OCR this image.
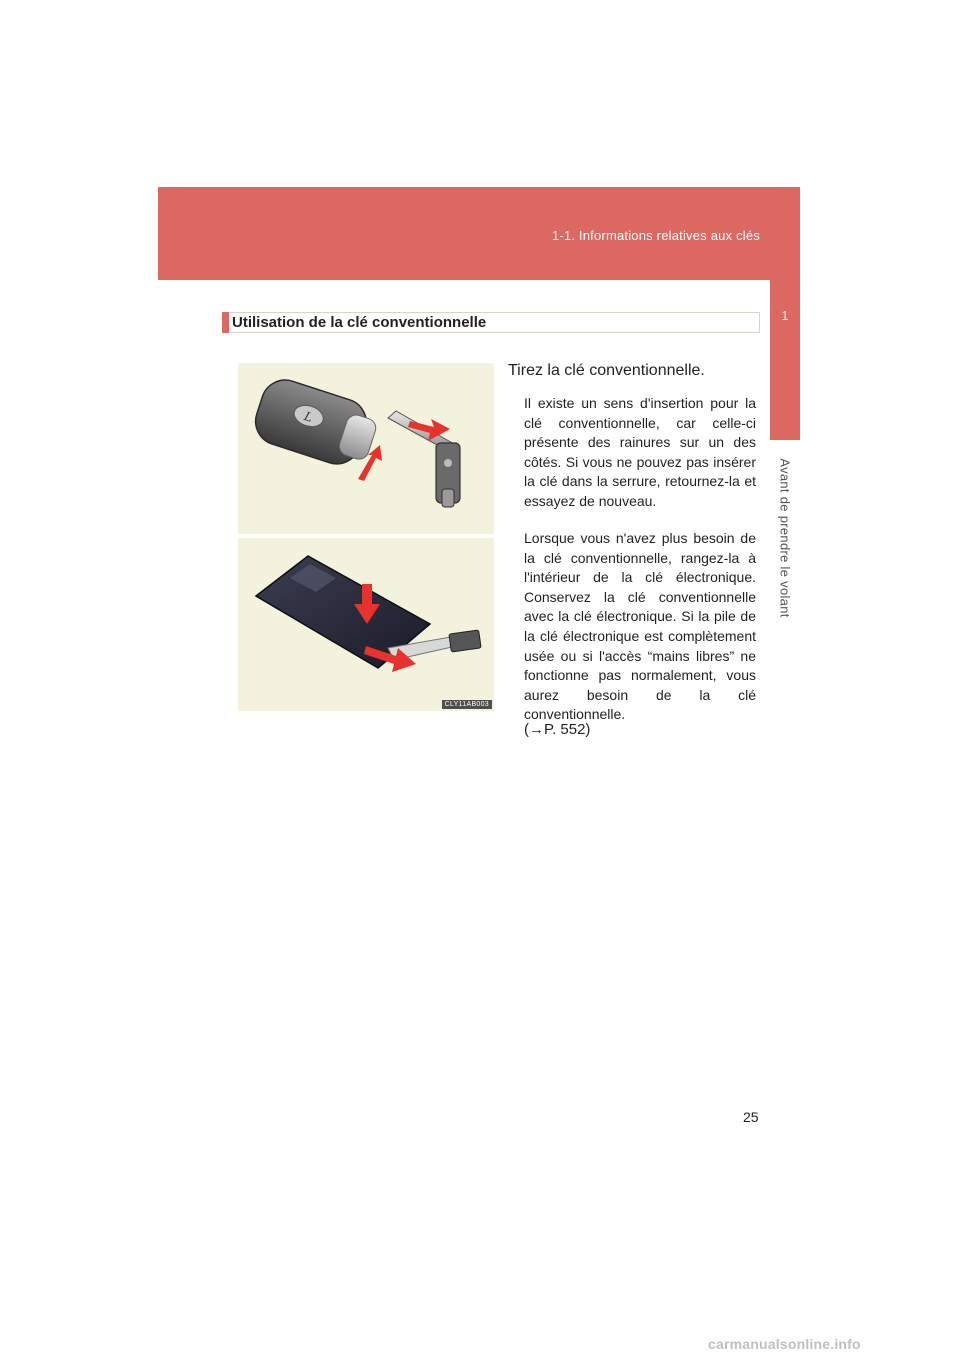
1-1. Informations relatives aux clés
1
Avant de prendre le volant
Utilisation de la clé conventionnelle
L
CLY11AB003
Tirez la clé conventionnelle.
Il existe un sens d'insertion pour la clé conventionnelle, car celle-ci présente des rainures sur un des côtés. Si vous ne pouvez pas insérer la clé dans la serrure, retournez-la et essayez de nouveau.
Lorsque vous n'avez plus besoin de la clé conventionnelle, rangez-la à l'intérieur de la clé électronique. Conservez la clé conventionnelle avec la clé électronique. Si la pile de la clé électronique est complètement usée ou si l'accès “mains libres” ne fonctionne pas normalement, vous aurez besoin de la clé conventionnelle.
(→P. 552)
25
carmanualsonline.info
